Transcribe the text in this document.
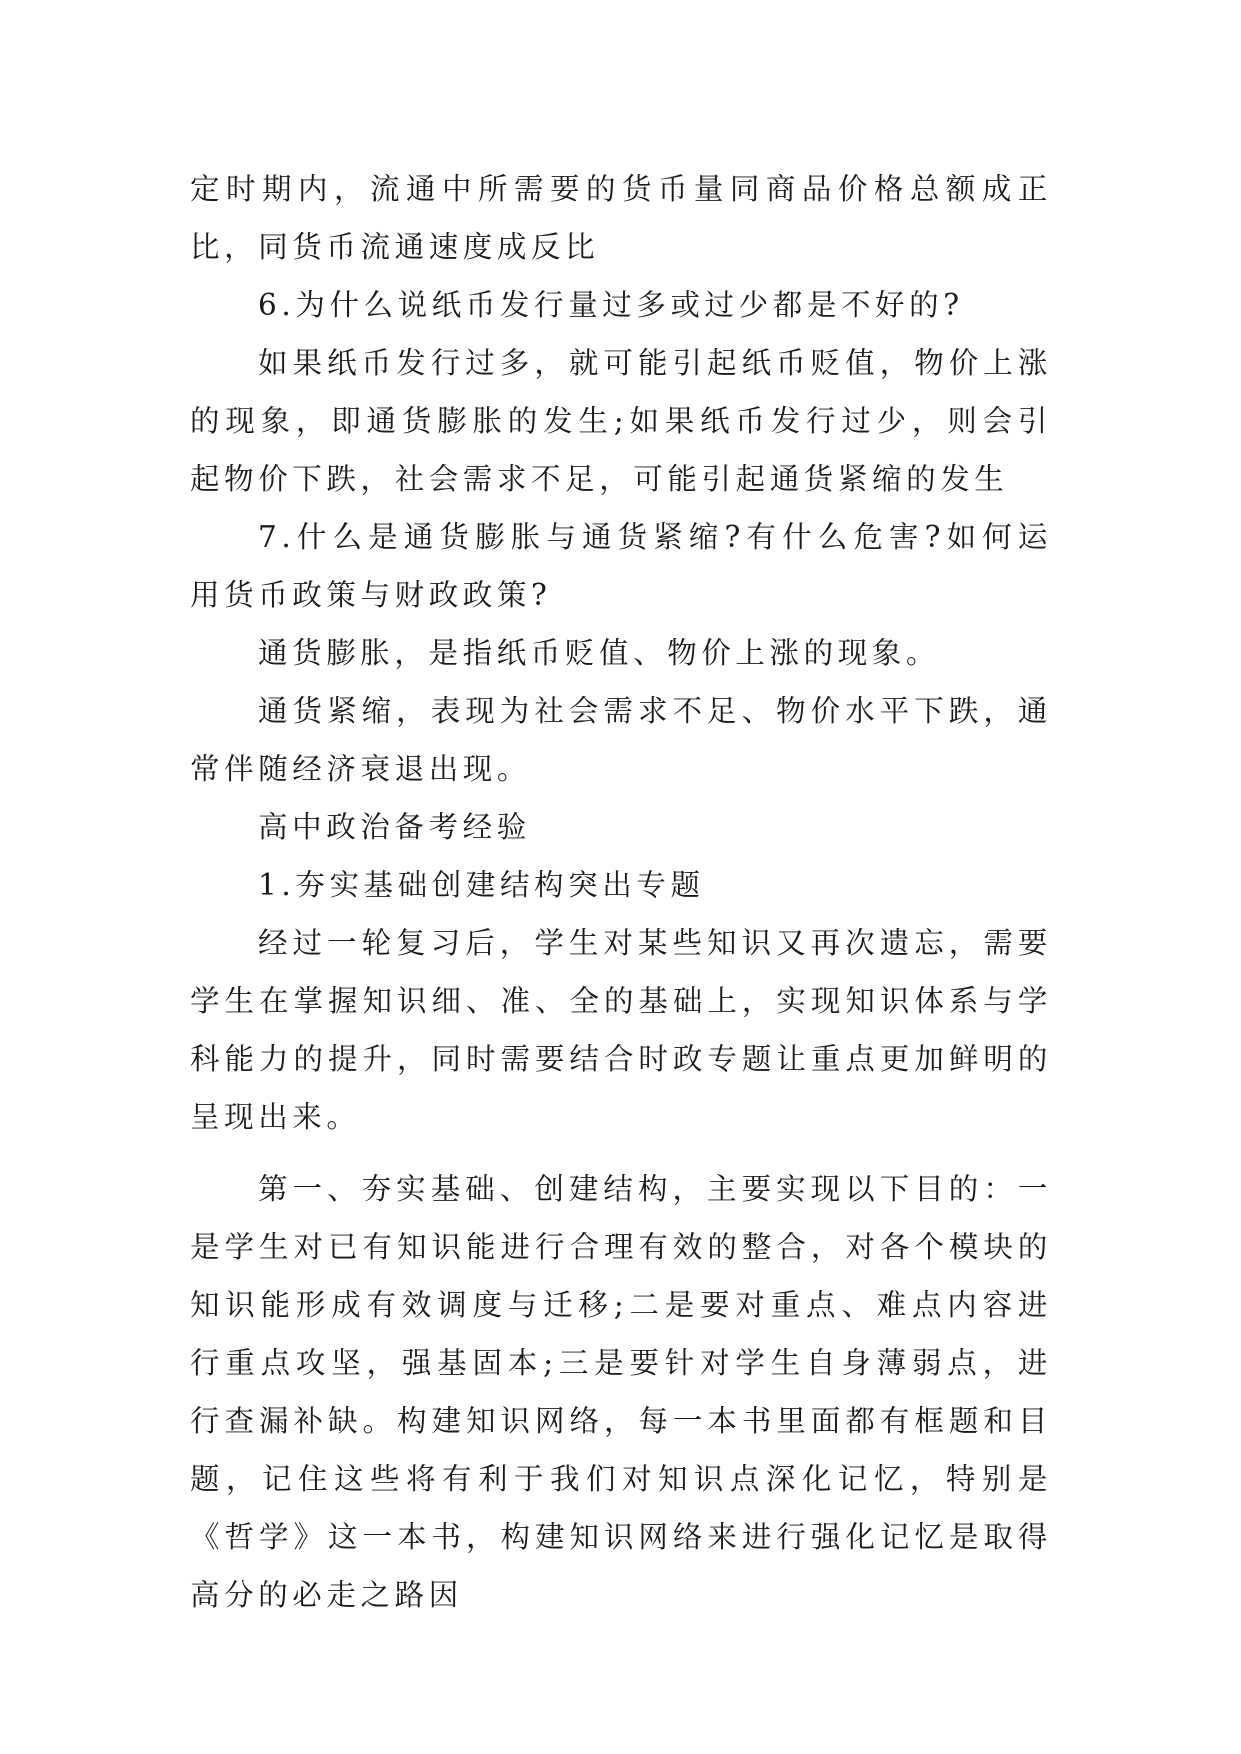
定时期内，流通中所需要的货币量同商品价格总额成正比，同货币流通速度成反比

6.为什么说纸币发行量过多或过少都是不好的?

如果纸币发行过多，就可能引起纸币贬值，物价上涨的现象，即通货膨胀的发生;如果纸币发行过少，则会引起物价下跌，社会需求不足，可能引起通货紧缩的发生

7.什么是通货膨胀与通货紧缩?有什么危害?如何运用货币政策与财政政策?

通货膨胀，是指纸币贬值、物价上涨的现象。

通货紧缩，表现为社会需求不足、物价水平下跌，通常伴随经济衰退出现。

高中政治备考经验

1.夯实基础创建结构突出专题

经过一轮复习后，学生对某些知识又再次遗忘，需要学生在掌握知识细、准、全的基础上，实现知识体系与学科能力的提升，同时需要结合时政专题让重点更加鲜明的呈现出来。

第一、夯实基础、创建结构，主要实现以下目的：一是学生对已有知识能进行合理有效的整合，对各个模块的知识能形成有效调度与迁移;二是要对重点、难点内容进行重点攻坚，强基固本;三是要针对学生自身薄弱点，进行查漏补缺。构建知识网络，每一本书里面都有框题和目题，记住这些将有利于我们对知识点深化记忆，特别是《哲学》这一本书，构建知识网络来进行强化记忆是取得高分的必走之路因
